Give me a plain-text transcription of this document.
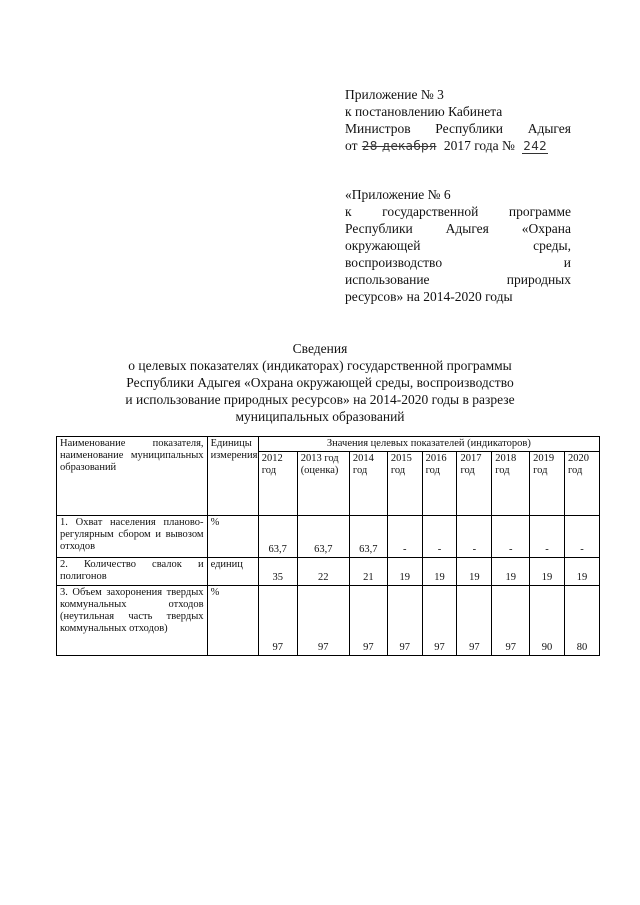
Приложение № 3
к постановлению Кабинета
Министров Республики Адыгея
от 28 декабря 2017 года № 242
«Приложение № 6
к государственной программе
Республики Адыгея «Охрана
окружающей среды,
воспроизводство и
использование природных
ресурсов» на 2014-2020 годы
Сведения
о целевых показателях (индикаторах) государственной программы
Республики Адыгея «Охрана окружающей среды, воспроизводство
и использование природных ресурсов» на 2014-2020 годы в разрезе
муниципальных образований
Наименование показателя, наименование муниципальных образований	Единицы измерения	Значения целевых показателей (индикаторов)								
		2012 год	2013 год (оценка)	2014 год	2015 год	2016 год	2017 год	2018 год	2019 год	2020 год
1. Охват населения планово-регулярным сбором и вывозом отходов	%	63,7	63,7	63,7	-	-	-	-	-	-
2. Количество свалок и полигонов	единиц	35	22	21	19	19	19	19	19	19
3. Объем захоронения твердых коммунальных отходов (неутильная часть твердых коммунальных отходов)	%	97	97	97	97	97	97	97	90	80
